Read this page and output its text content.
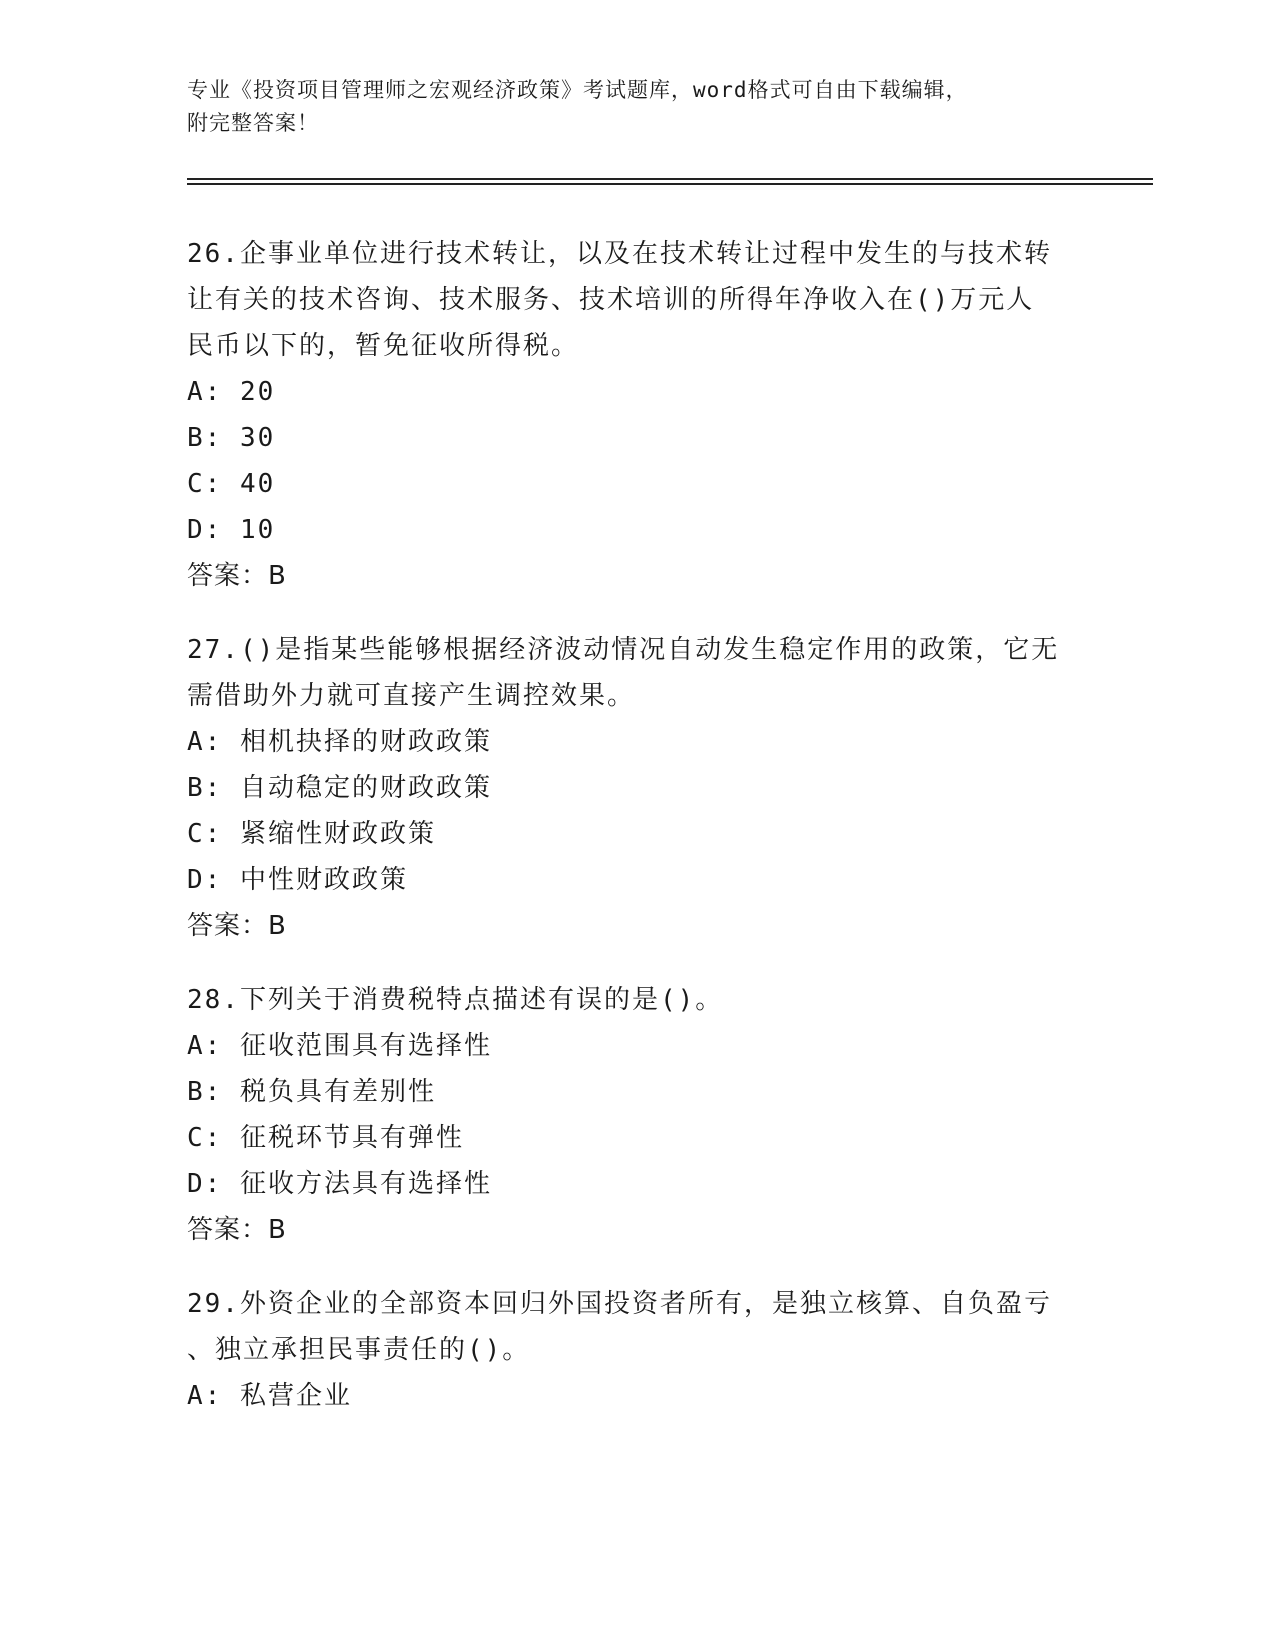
专业《投资项目管理师之宏观经济政策》考试题库，word格式可自由下载编辑，
附完整答案！

26.企事业单位进行技术转让，以及在技术转让过程中发生的与技术转

让有关的技术咨询、技术服务、技术培训的所得年净收入在()万元人

民币以下的，暂免征收所得税。

A: 20

B: 30

C: 40

D: 10

答案：B

27.()是指某些能够根据经济波动情况自动发生稳定作用的政策，它无

需借助外力就可直接产生调控效果。

A: 相机抉择的财政政策

B: 自动稳定的财政政策

C: 紧缩性财政政策

D: 中性财政政策

答案：B

28.下列关于消费税特点描述有误的是()。

A: 征收范围具有选择性

B: 税负具有差别性

C: 征税环节具有弹性

D: 征收方法具有选择性

答案：B

29.外资企业的全部资本回归外国投资者所有，是独立核算、自负盈亏

、独立承担民事责任的()。

A: 私营企业
